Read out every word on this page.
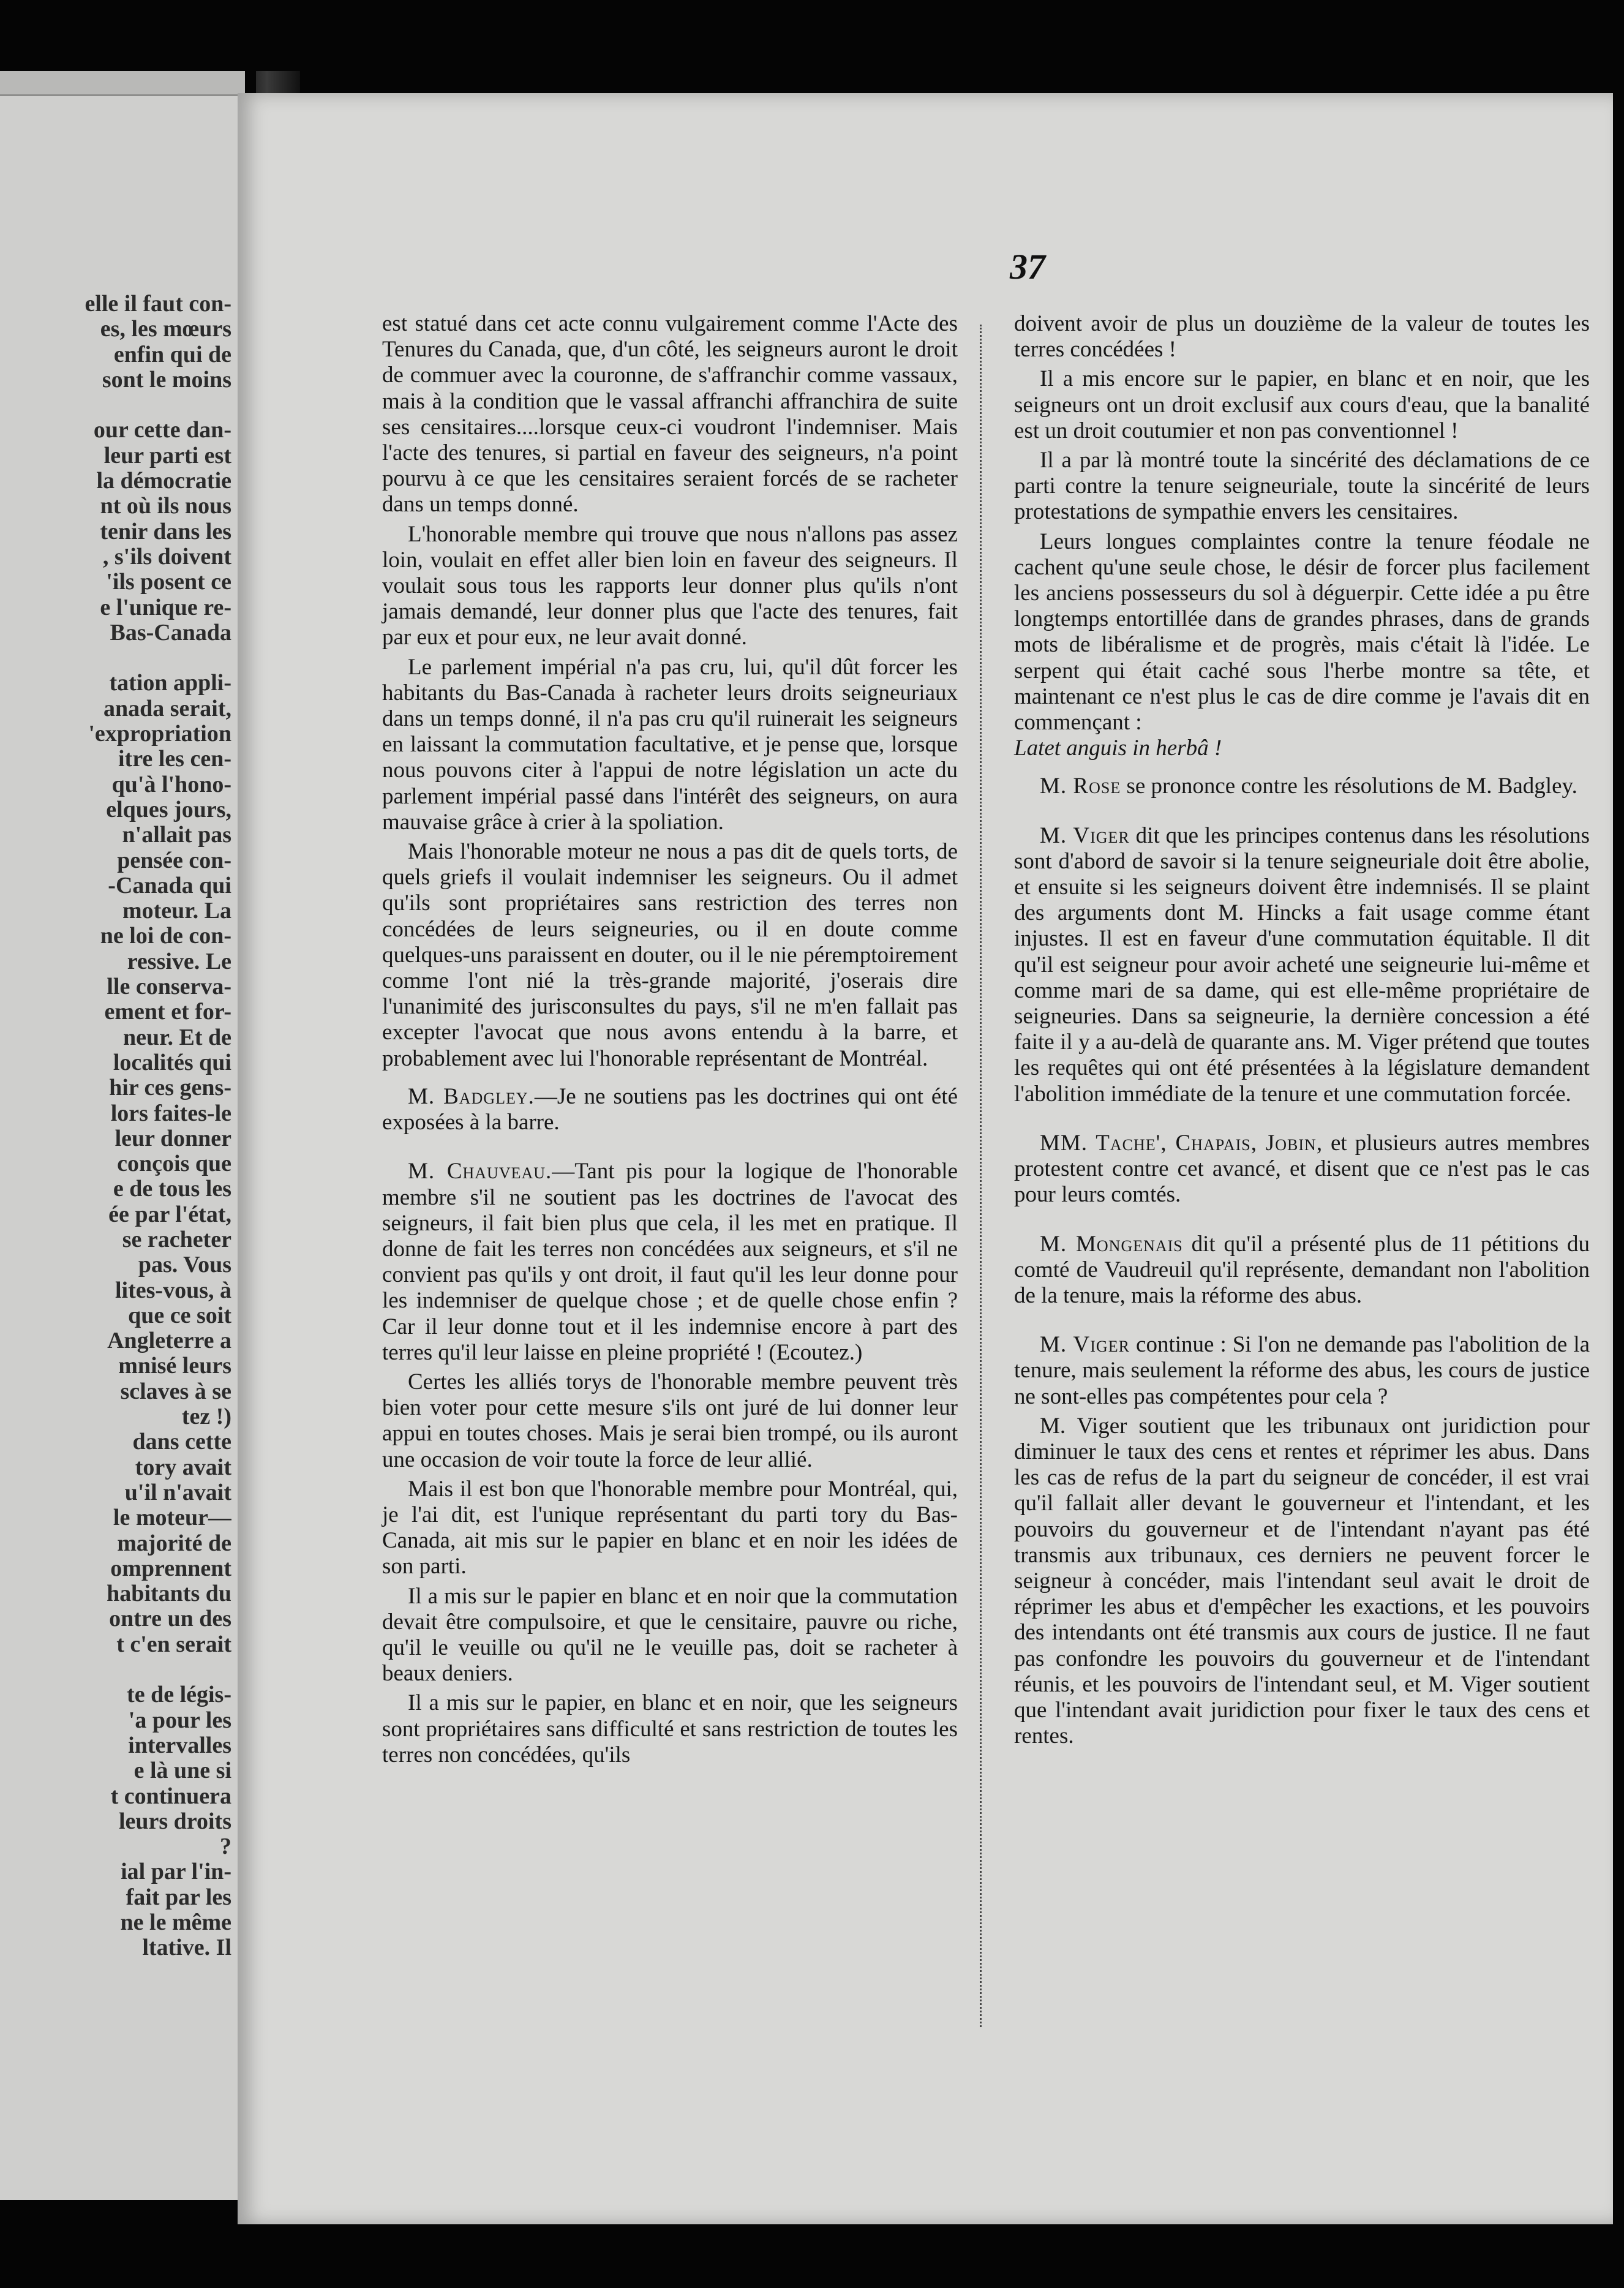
elle il faut con-
es, les mœurs
enfin qui de
sont le moins
our cette dan-
leur parti est
la démocratie
nt où ils nous
tenir dans les
, s'ils doivent
'ils posent ce
e l'unique re-
Bas-Canada
tation appli-
anada serait,
'expropriation
itre les cen-
qu'à l'hono-
elques jours,
n'allait pas
pensée con-
-Canada qui
moteur. La
ne loi de con-
ressive. Le
lle conserva-
ement et for-
neur. Et de
localités qui
hir ces gens-
lors faites-le
leur donner
conçois que
e de tous les
ée par l'état,
se racheter
pas. Vous
lites-vous, à
que ce soit
Angleterre a
mnisé leurs
sclaves à se
tez !)
dans cette
tory avait
u'il n'avait
le moteur—
majorité de
omprennent
habitants du
ontre un des
t c'en serait
te de légis-
'a pour les
intervalles
e là une si
t continuera
leurs droits
?
ial par l'in-
fait par les
ne le même
ltative. Il
37

est statué dans cet acte connu vulgairement comme l'Acte des Tenures du Canada, que, d'un côté, les seigneurs auront le droit de commuer avec la couronne, de s'affranchir comme vassaux, mais à la condition que le vassal affranchi affranchira de suite ses censitaires....lorsque ceux-ci voudront l'indemniser. Mais l'acte des tenures, si partial en faveur des seigneurs, n'a point pourvu à ce que les censitaires seraient forcés de se racheter dans un temps donné.

L'honorable membre qui trouve que nous n'allons pas assez loin, voulait en effet aller bien loin en faveur des seigneurs. Il voulait sous tous les rapports leur donner plus qu'ils n'ont jamais demandé, leur donner plus que l'acte des tenures, fait par eux et pour eux, ne leur avait donné.

Le parlement impérial n'a pas cru, lui, qu'il dût forcer les habitants du Bas-Canada à racheter leurs droits seigneuriaux dans un temps donné, il n'a pas cru qu'il ruinerait les seigneurs en laissant la commutation facultative, et je pense que, lorsque nous pouvons citer à l'appui de notre législation un acte du parlement impérial passé dans l'intérêt des seigneurs, on aura mauvaise grâce à crier à la spoliation.

Mais l'honorable moteur ne nous a pas dit de quels torts, de quels griefs il voulait indemniser les seigneurs. Ou il admet qu'ils sont propriétaires sans restriction des terres non concédées de leurs seigneuries, ou il en doute comme quelques-uns paraissent en douter, ou il le nie péremptoirement comme l'ont nié la très-grande majorité, j'oserais dire l'unanimité des jurisconsultes du pays, s'il ne m'en fallait pas excepter l'avocat que nous avons entendu à la barre, et probablement avec lui l'honorable représentant de Montréal.

M. Badgley.—Je ne soutiens pas les doctrines qui ont été exposées à la barre.

M. Chauveau.—Tant pis pour la logique de l'honorable membre s'il ne soutient pas les doctrines de l'avocat des seigneurs, il fait bien plus que cela, il les met en pratique. Il donne de fait les terres non concédées aux seigneurs, et s'il ne convient pas qu'ils y ont droit, il faut qu'il les leur donne pour les indemniser de quelque chose ; et de quelle chose enfin ? Car il leur donne tout et il les indemnise encore à part des terres qu'il leur laisse en pleine propriété ! (Ecoutez.)

Certes les alliés torys de l'honorable membre peuvent très bien voter pour cette mesure s'ils ont juré de lui donner leur appui en toutes choses. Mais je serai bien trompé, ou ils auront une occasion de voir toute la force de leur allié.

Mais il est bon que l'honorable membre pour Montréal, qui, je l'ai dit, est l'unique représentant du parti tory du Bas-Canada, ait mis sur le papier en blanc et en noir les idées de son parti.

Il a mis sur le papier en blanc et en noir que la commutation devait être compulsoire, et que le censitaire, pauvre ou riche, qu'il le veuille ou qu'il ne le veuille pas, doit se racheter à beaux deniers.

Il a mis sur le papier, en blanc et en noir, que les seigneurs sont propriétaires sans difficulté et sans restriction de toutes les terres non concédées, qu'ils

doivent avoir de plus un douzième de la valeur de toutes les terres concédées !

Il a mis encore sur le papier, en blanc et en noir, que les seigneurs ont un droit exclusif aux cours d'eau, que la banalité est un droit coutumier et non pas conventionnel !

Il a par là montré toute la sincérité des déclamations de ce parti contre la tenure seigneuriale, toute la sincérité de leurs protestations de sympathie envers les censitaires.

Leurs longues complaintes contre la tenure féodale ne cachent qu'une seule chose, le désir de forcer plus facilement les anciens possesseurs du sol à déguerpir. Cette idée a pu être longtemps entortillée dans de grandes phrases, dans de grands mots de libéralisme et de progrès, mais c'était là l'idée. Le serpent qui était caché sous l'herbe montre sa tête, et maintenant ce n'est plus le cas de dire comme je l'avais dit en commençant :
Latet anguis in herbâ !

M. Rose se prononce contre les résolutions de M. Badgley.

M. Viger dit que les principes contenus dans les résolutions sont d'abord de savoir si la tenure seigneuriale doit être abolie, et ensuite si les seigneurs doivent être indemnisés. Il se plaint des arguments dont M. Hincks a fait usage comme étant injustes. Il est en faveur d'une commutation équitable. Il dit qu'il est seigneur pour avoir acheté une seigneurie lui-même et comme mari de sa dame, qui est elle-même propriétaire de seigneuries. Dans sa seigneurie, la dernière concession a été faite il y a au-delà de quarante ans. M. Viger prétend que toutes les requêtes qui ont été présentées à la législature demandent l'abolition immédiate de la tenure et une commutation forcée.

MM. Tache', Chapais, Jobin, et plusieurs autres membres protestent contre cet avancé, et disent que ce n'est pas le cas pour leurs comtés.

M. Mongenais dit qu'il a présenté plus de 11 pétitions du comté de Vaudreuil qu'il représente, demandant non l'abolition de la tenure, mais la réforme des abus.

M. Viger continue : Si l'on ne demande pas l'abolition de la tenure, mais seulement la réforme des abus, les cours de justice ne sont-elles pas compétentes pour cela ?

M. Viger soutient que les tribunaux ont juridiction pour diminuer le taux des cens et rentes et réprimer les abus. Dans les cas de refus de la part du seigneur de concéder, il est vrai qu'il fallait aller devant le gouverneur et l'intendant, et les pouvoirs du gouverneur et de l'intendant n'ayant pas été transmis aux tribunaux, ces derniers ne peuvent forcer le seigneur à concéder, mais l'intendant seul avait le droit de réprimer les abus et d'empêcher les exactions, et les pouvoirs des intendants ont été transmis aux cours de justice. Il ne faut pas confondre les pouvoirs du gouverneur et de l'intendant réunis, et les pouvoirs de l'intendant seul, et M. Viger soutient que l'intendant avait juridiction pour fixer le taux des cens et rentes.
